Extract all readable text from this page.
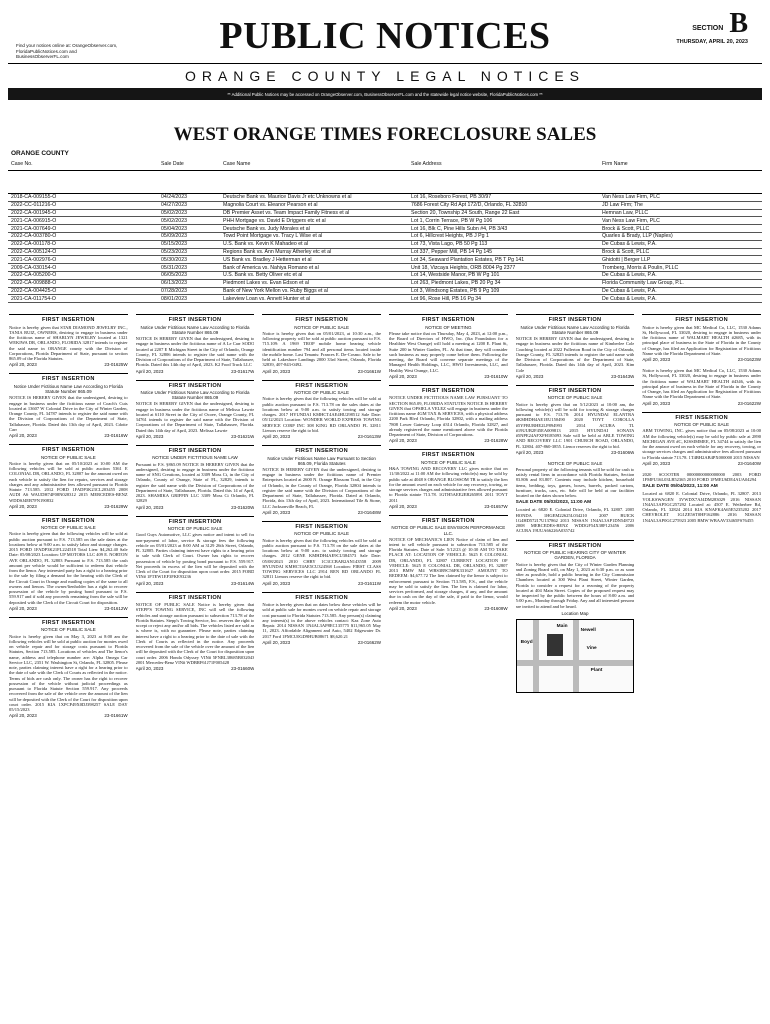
Find your notices online at: OrangeObserver.com,
FloridaPublicNotices.com and
BusinessObserverFL.com	PUBLIC NOTICES	SECTION B
THURSDAY, APRIL 20, 2023
ORANGE COUNTY LEGAL NOTICES
** Additional Public Notices may be accessed on OrangeObserver.com, BusinessObserverFL.com and the statewide legal notice website, FloridaPublicNotices.com **
WEST ORANGE TIMES FORECLOSURE SALES
ORANGE COUNTY
Case No.	Sale Date	Case Name	Sale Address	Firm Name
2018-CA-009155-O	04/24/2023	Deutsche Bank vs. Maurice Davis Jr etc Unknowns et al	Lot 16, Roseboro Forest, PB 30/97	Van Ness Law Firm, PLC
2022-CC-011216-O	04/27/2023	Magnolia Court vs. Eleanor Pearson et al	7686 Forest City Rd Apt 172/D, Orlando, FL 32810	JD Law Firm; The
2022-CA-001945-O	05/02/2023	DB Premier Asset vs. Team Impact Family Fitness et al	Section 20, Township 24 South, Range 22 East	Hemnan Law, PLLC
2021-CA-006915-O	05/02/2023	PHH Mortgage vs. David E Driggers etc et al	Lot 1, Corrin Terrace, PB W Pg 106	Van Ness Law Firm, PLC
2021-CA-007649-O	05/04/2023	Deutsche Bank vs. Judy Morales et al	Lot 16, Blk C, Pine Hills Subn #4, PB 3/43	Brock & Scott, PLLC
2022-CA-003780-O	05/09/2023	Towd Point Mortgage vs. Tracy L Wise et al	Lot 6, Hillcrest Heights, PB J Pg 1	Quarles & Brady, LLP (Naples)
2022-CA-001178-O	05/15/2023	U.S. Bank vs. Kevin K Mahadeo et al	Lot 73, Vista Lago, PB 50 Pg 113	De Cubas & Lewis, P.A.
2022-CA-005124-O	05/23/2023	Regions Bank vs. Ann Murray Atherley etc et al	Lot 337, Pepper Mill, PB 14 Pg 145	Brock & Scott, PLLC
2021-CA-002976-O	05/30/2023	US Bank vs. Bradley J Hetterman et al	Lot 34, Seaward Plantation Estates, PB T Pg 141	Ghidotti | Berger LLP
2009-CA-030154-O	05/31/2023	Bank of America vs. Nahiya Romano et al	Unit 18, Vizcaya Heights, ORB 8004 Pg 2377	Tromberg, Morris & Poulin, PLLC
2022-CA-005200-O	06/05/2023	U.S. Bank vs. Betty Oliver etc et al	Lot 14, Westside Manor, PB W Pg 101	De Cubas & Lewis, P.A.
2022-CA-009888-O	06/13/2023	Piedmont Lakes vs. Evan Edson et al	Lot 263, Piedmont Lakes, PB 20 Pg 34	Florida Community Law Group, P.L.
2022-CA-004425-O	07/28/2023	Bank of New York Mellon vs. Ruby Biggs et al	Lot 3, Windsong Estates, PB 9 Pg 109	De Cubas & Lewis, P.A.
2021-CA-011754-O	08/01/2023	Lakeview Loan vs. Annett Hunter et al	Lot 96, Rose Hill, PB 16 Pg 34	De Cubas & Lewis, P.A.
FIRST INSERTION
Notice is hereby given that STAR DIAMOND JEWELRY INC., TANIA RUIZ, OWNERS, desiring to engage in business under the fictitious name of SHARLYN JEWELRY located at 1321 WEKIWA DR, ORLANDO, FLORIDA 32817 intends to register the said name in ORANGE county with the Division of Corporations, Florida Department of State, pursuant to section 865.09 of the Florida Statutes.
April 20, 2023	23-01625W
FIRST INSERTION
Notice Under Fictitious Name Law According to Florida Statute Number 865.09
NOTICE IS HEREBY GIVEN that the undersigned, desiring to engage in business under the fictitious name of Coach's Cuts located at 13607 W Colonial Drive in the City of Winter Garden, Orange County, FL 34787 intends to register the said name with the Division of Corporations of the Department of State, Tallahassee, Florida. Dated this 13th day of April, 2023. Cdotte Carr
April 20, 2023	23-01616W
FIRST INSERTION
NOTICE OF PUBLIC SALE
Notice is hereby given that on 05/10/2023 at 10:00 AM the following vehicles will be sold at public auction 5361 E COLONIAL DR, ORLANDO, FL 32807 for the amount owed on each vehicle to satisfy the lien for repairs, services and storage charges and any administrative fees allowed pursuant to Florida Statute 713.585. 2012 FORD 1FADP3K23CL203455 2008 AUDI A6 WAUDH74F08N028312 2015 MERCEDES-BENZ WDDSJ4EB7FN190832
April 20, 2023	23-01629W
FIRST INSERTION
NOTICE OF PUBLIC SALE
Notice is hereby given that the following vehicles will be sold at public auction pursuant to F.S. 713.585 on the sale dates at the locations below at 9:00 a.m. to satisfy labor and storage charges. 2015 FORD 1FADP3K21FL224518 Total Lien: $4,262.40 Sale Date: 05/08/2023 Location: UP MOTORS LLC 409 E. NORTON AVE ORLANDO, FL 32803 Pursuant to F.S. 713.585 the cash amount per vehicle would be sufficient to redeem that vehicle from the lienor. Any interested party has a right to a hearing prior to the sale by filing a demand for the hearing with the Clerk of the Circuit Court in Orange and mailing copies of the same to all owners and lienors. The owner/lienholder has a right to recover possession of the vehicle by posting bond pursuant to F.S. 559.917 and if sold any proceeds remaining from the sale will be deposited with the Clerk of the Circuit Court for disposition.
April 20, 2023	23-01612W
FIRST INSERTION
NOTICE OF PUBLIC SALE
Notice is hereby given that on May 3, 2023 at 8:00 am the following vehicles will be sold at public auction for monies owed on vehicle repair and for storage costs pursuant to Florida Statutes, Section 713.585. Locations of vehicles and The lienor's name, address and telephone number are: Alpha Omega Car Service LLC, 2351 W. Washington St, Orlando, FL 32805. Please note, parties claiming interest have a right for a hearing prior to the date of sale with the Clerk of Courts as reflected in the notice. Terms of bids are cash only. The owner has the right to recover possession of the vehicle without judicial proceedings as pursuant to Florida Statute Section 559.917. Any proceeds recovered from the sale of the vehicle over the amount of the lien will be deposited with the Clerk of the Court for disposition upon court order. 2015 KIA 1XPCP49X0DJ398257 SALE DAY 05/15/2023
April 20, 2023	23-01661W
FIRST INSERTION
Notice Under Fictitious Name Law According to Florida Statute Number 865.09
NOTICE IS HEREBY GIVEN that the undersigned, desiring to engage in business under the fictitious name of A Le Carr SODO located at 2207 E Michigan Street in the City of Orlando, Orange County, FL 32806 intends to register the said name with the Division of Corporations of the Department of State, Tallahassee, Florida. Dated this 14th day of April, 2023. K2 Food Truck LLC
April 20, 2023	23-01617W
FIRST INSERTION
Notice Under Fictitious Name Law According to Florida Statute Number 865.09
NOTICE IS HEREBY GIVEN that the undersigned, desiring to engage in business under the fictitious name of Melissa Lawrie located at 6110 Street in the City of Ocoee, Orange County, FL 34761 intends to register the said name with the Division of Corporations of the Department of State, Tallahassee, Florida. Dated this 14th day of April, 2023. Melissa Lawrie
April 20, 2023	23-01621W
FIRST INSERTION
NOTICE UNDER FICTITIOUS NAME LAW
Pursuant to F.S. §865.09 NOTICE IS HEREBY GIVEN that the undersigned, desiring to engage in business under the fictitious name of SNG Creations, located at 3309 Moss Ct, in the City of Orlando, County of Orange, State of FL, 32829, intends to register the said name with the Division of Corporations of the Department of State, Tallahassee, Florida. Dated this 14 of April, 2023. SHAMIKA GRIFFIN LLC 3309 Moss Ct Orlando, FL 32829
April 20, 2023	23-01620W
FIRST INSERTION
NOTICE OF PUBLIC SALE
Good Guys Automotive, LLC gives notice and intent to sell for non-payment of labor, service & storage fees the following vehicle on 05/01/2023 at 8:00 AM at 3129 26th Street, Orlando, FL 32805. Parties claiming interest have rights to a hearing prior to sale with Clerk of Court. Owner has rights to recover possession of vehicle by posting bond pursuant to F.S. 559.917. Net proceeds in excess of the lien will be deposited with the Clerk of the Court for disposition upon court order. 2015 FORD VIN# 1FTEW1EF3FKE93236
April 20, 2023	23-01614W
FIRST INSERTION
NOTICE OF PUBLIC SALE Notice is hereby given that STEPP'S TOWING SERVICE, INC will sell the following vehicles and storage auction pursuant to subsection 713.78 of the Florida Statutes. Stepp's Towing Service, Inc. reserves the right to accept or reject any and/or all bids. The vehicles listed are sold as is where is, with no guarantee. Please note, parties claiming interest have a right to a hearing prior to the date of sale with the Clerk of Courts as reflected in the notice. Any proceeds recovered from the sale of the vehicle over the amount of the lien will be deposited with the Clerk of the Court for disposition upon court order. 2006 Honda Odyssey VIN# 5FNRL38685B032043 2001 Mercedes-Benz VIN# WDBRF61J71F005428
April 20, 2023	23-01660W
FIRST INSERTION
NOTICE OF PUBLIC SALE
Notice is hereby given that on 05/01/2023, at 10:30 a.m., the following property will be sold at public auction pursuant to F.S. 715.109: A 1969 TROP mobile home bearing vehicle identification number 794 and all personal items located inside the mobile home. Last Tenants: Frances E. De-Cosmo. Sale to be held at: Lakeshore Landings 2000 33rd Street, Orlando, Florida 32839, 407-843-0492.
April 20, 2023	23-01661W
FIRST INSERTION
NOTICE OF PUBLIC SALE
Notice is hereby given that the following vehicles will be sold at public auction pursuant to F.S. 713.78 on the sales dates at the locations below at 9:00 a.m. to satisfy towing and storage charges. 2017 HYUNDAI KMHCT4AE4HU298512 Sale Date: 05/12/2023 Location: WONDER WORLD EXPRESS TOWING SERVICE CORP INC 308 KING RD ORLANDO FL 32811 Lienors reserve the right to bid.
April 20, 2023	23-01613W
FIRST INSERTION
Notice Under Fictitious Name Law Pursuant to Section 865.09, Florida Statutes
NOTICE IS HEREBY GIVEN that the undersigned, desiring to engage in business under the fictitious name of Premier Enterprises located at 2600 N. Orange Blossom Trail, in the City of Orlando, in the County of Orange, Florida 32804 intends to register the said name with the Division of Corporations of the Department of State, Tallahassee, Florida. Dated at Orlando, Florida, this 13th day of April, 2023. International Tile & Stone, LLC Jacksonville Beach, FL
April 20, 2023	23-01648W
FIRST INSERTION
NOTICE OF PUBLIC SALE
Notice is hereby given that the following vehicles will be sold at public auction pursuant to F.S. 713.78 on the sale dates at the locations below at 9:00 a.m. to satisfy towing and storage charges. 2012 GENE KMHDH4AE9CU384573 Sale Date: 05/08/2023 2010 CHRY 1C3CCBAB2AN143558 2009 HYUNDAI KMHCT4AE5CU324568 Location: FIRST CLASS TOWING SERVICES LLC 2914 REN RD ORLANDO FL 32811 Lienors reserve the right to bid.
April 20, 2023	23-01611W
FIRST INSERTION
Notice is hereby given that on dates below these vehicles will be sold at public sale for monies owed on vehicle repair and storage cost pursuant to Florida Statutes 713.585. Any person(s) claiming any interest(s) in the above vehicles contact: Kaz Zone Auto Repair. 2014 NISSAN 1N4AL3AP8EC135775 $11,965.05 May 11, 2023. Affordable Alignment and Auto, 5402 Edgewater Dr. 2017 Ford 1FMCU0GD9HUB08671 $8,620.21
April 20, 2023	23-01662W
FIRST INSERTION
NOTICE OF MEETING
Please take notice that on Thursday, May 4, 2023, at 12:00 p.m., the Board of Directors of HWO, Inc. (fka Foundation for a Healthier West Orange) will hold a meeting at 1200 E. Plant St, Suite 200 in Winter Garden, FL. At that time, they will consider such business as may properly come before them. Following the meeting, the Board will convene separate meetings of the Managed Health Holdings, LLC, HWO Investments, LLC, and Healthy West Orange, LLC.
April 20, 2023	23-01610W
FIRST INSERTION
NOTICE UNDER FICTITIOUS NAME LAW PURSUANT TO SECTION 865.09, FLORIDA STATUTES NOTICE IS HEREBY GIVEN that OPSIELA VELEZ will engage in business under the fictitious name 4GM TAX & SERVICES, with a physical address 2200 Park Blvd Orlando, Florida 32802, with a mailing address 7808 Lower Gateway Loop #314 Orlando, Florida 32827, and already registered the name mentioned above with the Florida Department of State, Division of Corporations.
April 20, 2023	23-01628W
FIRST INSERTION
NOTICE OF PUBLIC SALE
H&A TOWING AND RECOVERY LLC gives notice that on 11/30/2022 at 11:00 AM the following vehicle(s) may be sold by public sale at 4048 S ORANGE BLOSSOM TR to satisfy the lien for the amount owed on each vehicle for any recovery, towing, or storage services charges and administrative fees allowed pursuant to Florida statute 713.78. 1GTH5AEE2EB265891 2011 TOYT 2011
April 20, 2023	23-01657W
FIRST INSERTION
NOTICE OF PUBLIC SALE ENVISION PERFORMANCE LLC.
NOTICE OF MECHANIC'S LIEN Notice of claim of lien and intent to sell vehicle pursuant to subsection 713.585 of the Florida Statutes. Date of Sale: 5/12/23 @ 10:30 AM TO TAKE PLACE AT: LOCATION OF VEHICLE: 5625 E COLONIAL DR, ORLANDO, FL 32807 CURRENT LOCATION OF VEHICLE: 5625 E COLONIAL DR, ORLANDO, FL 32807 2013 BMW M4 WBS3R9C56FK331627 AMOUNT TO REDEEM: $4,677.72 The lien claimed by the lienor is subject to enforcement pursuant to Section 713.585, F.S., and the vehicle may be sold to satisfy the lien. The lien is claimed for labor, services performed, and storage charges, if any, and the amount due in cash on the day of the sale, if paid to the lienor, would redeem the motor vehicle.
April 20, 2023	23-01609W
FIRST INSERTION
Notice Under Fictitious Name Law According to Florida Statute Number 865.09
NOTICE IS HEREBY GIVEN that the undersigned, desiring to engage in business under the fictitious name of Kimberlee Cole Coaching located at 2022 Fullerton Road in the City of Orlando, Orange County, FL 32825 intends to register the said name with the Division of Corporations of the Department of State, Tallahassee, Florida. Dated this 14th day of April, 2023. Kim Cole
April 20, 2023	23-01643W
FIRST INSERTION
NOTICE OF PUBLIC SALE
Notice is hereby given that on 5/12/2023 at 10:00 am, the following vehicle(s) will be sold for towing & storage charges pursuant to F.S. 713.78: 2014 HYUNDAI ELANTRA #KMHDH4AE1EU150490 2020 TOYT COROLLA #5YFBURHE2LP894993 2014 ACURA TL #19UUB2F45EA009813 2015 HYUNDAI SONATA #5NPE24AFXFH185093 Sale will be held at ABLE TOWING AND RECOVERY LLC 1901 CHURCH ROAD, ORLANDO, FL 32804. 407-860-3855. Lienor reserves the right to bid.
April 20, 2023	23-01606W
NOTICE OF PUBLIC SALE
Personal property of the following tenants will be sold for cash to satisfy rental liens in accordance with Florida Statutes, Section 83.806 and 83.807. Contents may include kitchen, household items, bedding, toys, games, boxes, barrels, packed cartons, furniture, trucks, cars, etc. Sale will be held at our facilities located on the dates shown below.
SALE DATE 05/03/2023, 11:00 AM
Located at: 6820 E. Colonial Drive, Orlando, FL 32807. 2005 HONDA 1HGEM22625L034210 2007 BUICK 1G4HD57217U137862 2013 NISSAN 1N4AL3AP1DN548723 2008 MERCEDES-BENZ WDDGF54X38F123456 2006 ACURA 19UUA66226A035742
FIRST INSERTION
NOTICE OF PUBLIC HEARING CITY OF WINTER GARDEN, FLORIDA
Notice is hereby given that the City of Winter Garden Planning and Zoning Board will, on May 1, 2023 at 6:30 p.m. or as soon after as possible, hold a public hearing in the City Commission Chambers located at 300 West Plant Street, Winter Garden, Florida to consider a request for a rezoning of the property located at 404 Main Street. Copies of the proposed request may be inspected by the public between the hours of 8:00 a.m. and 5:00 p.m., Monday through Friday. Any and all interested persons are invited to attend and be heard.
Location Map
Boyd
Main
Newell
Vine
Plant
FIRST INSERTION
Notice is hereby given that MC Medical Co, LLC, 1530 Adams St, Hollywood, FL 33020, desiring to engage in business under the fictitious name of WALMART HEALTH #2685, with its principal place of business in the State of Florida in the County of Orange, has filed an Application for Registration of Fictitious Name with the Florida Department of State.
April 20, 2023	23-01623W
Notice is hereby given that MC Medical Co, LLC, 1530 Adams St, Hollywood, FL 33020, desiring to engage in business under the fictitious name of WALMART HEALTH #4346, with its principal place of business in the State of Florida in the County of Orange, has filed an Application for Registration of Fictitious Name with the Florida Department of State.
April 20, 2023	23-01622W
FIRST INSERTION
NOTICE OF PUBLIC SALE
ABM TOWING, INC. gives notice that on 05/08/2023 at 10:00 AM the following vehicle(s) may be sold by public sale at 2890 MICHIGAN AVE #C, KISSIMMEE, FL 34744 to satisfy the lien for the amount owed on each vehicle for any recovery, towing, or storage services charges and administrative fees allowed pursuant to Florida statute 713.78. 1T4BH2AB4PX000000 2015 NISSAN
April 20, 2023	23-01640W
2020 SCOOTER 00000000000000000 2003 FORD 1FMFU16L03LB52365 2010 FORD 1FMEU6DE4AUA04294
SALE DATE 05/04/2023, 11:00 AM
Located at: 6820 E. Colonial Drive, Orlando, FL 32807. 2013 VOLKSWAGEN 3VWDX7AJ4DM283029 2016 NISSAN 1N4AL3AP5GC257292 Located at: 4507 E. Wetherbee Rd, Orlando, FL 32824 2014 KIA KNAFK4A65E5235202 2017 CHEVROLET 1G1ZE5ST0HF162886 2016 NISSAN 1N4AL3AP0GC275923 2005 BMW WBAAV33465FS76455
